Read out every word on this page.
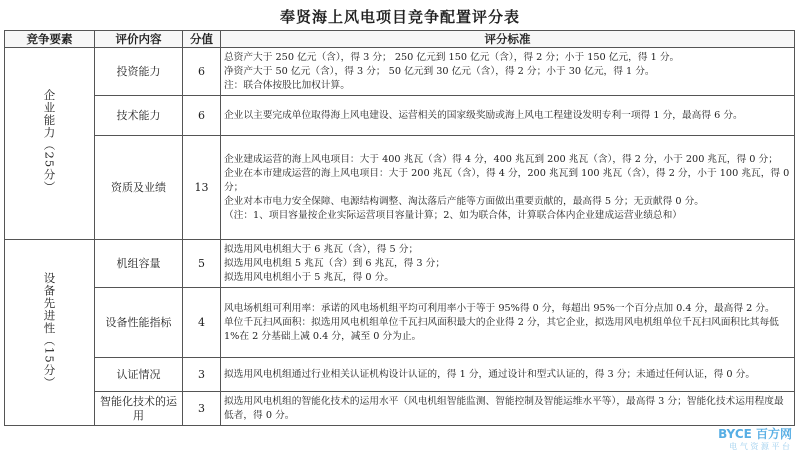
奉贤海上风电项目竞争配置评分表
竞争要素	评价内容	分值	评分标准
企业能力（25分）	投资能力	6	总资产大于 250 亿元（含），得 3 分； 250 亿元到 150 亿元（含），得 2 分；小于 150 亿元，得 1 分。
净资产大于 50 亿元（含），得 3 分； 50 亿元到 30 亿元（含），得 2 分；小于 30 亿元，得 1 分。
注：联合体按股比加权计算。

	技术能力	6	企业以主要完成单位取得海上风电建设、运营相关的国家级奖励或海上风电工程建设发明专利一项得 1 分，最高得 6 分。

	资质及业绩	13	企业建成运营的海上风电项目：大于 400 兆瓦（含）得 4 分，400 兆瓦到 200 兆瓦（含），得 2 分，小于 200 兆瓦，得 0 分；
企业在本市建成运营的海上风电项目：大于 200 兆瓦（含），得 4 分，200 兆瓦到 100 兆瓦（含），得 2 分，小于 100 兆瓦，得 0 分；
企业对本市电力安全保障、电源结构调整、淘汰落后产能等方面做出重要贡献的，最高得 5 分；无贡献得 0 分。
（注：1、项目容量按企业实际运营项目容量计算；2、如为联合体，计算联合体内企业建成运营业绩总和）

设备先进性（15分）	机组容量	5	拟选用风电机组大于 6 兆瓦（含），得 5 分；
拟选用风电机组 5 兆瓦（含）到 6 兆瓦，得 3 分；
拟选用风电机组小于 5 兆瓦，得 0 分。

	设备性能指标	4	风电场机组可利用率：承诺的风电场机组平均可利用率小于等于 95%得 0 分，每超出 95%一个百分点加 0.4 分，最高得 2 分。
单位千瓦扫风面积：拟选用风电机组单位千瓦扫风面积最大的企业得 2 分，其它企业，拟选用风电机组单位千瓦扫风面积比其每低 1%在 2 分基础上减 0.4 分，减至 0 分为止。

	认证情况	3	拟选用风电机组通过行业相关认证机构设计认证的，得 1 分，通过设计和型式认证的，得 3 分；未通过任何认证，得 0 分。

	智能化技术的运用	3	拟选用风电机组的智能化技术的运用水平（风电机组智能监测、智能控制及智能运维水平等），最高得 3 分；智能化技术运用程度最低者，得 0 分。
BYCE 百方网
电 气 资 源 平 台
